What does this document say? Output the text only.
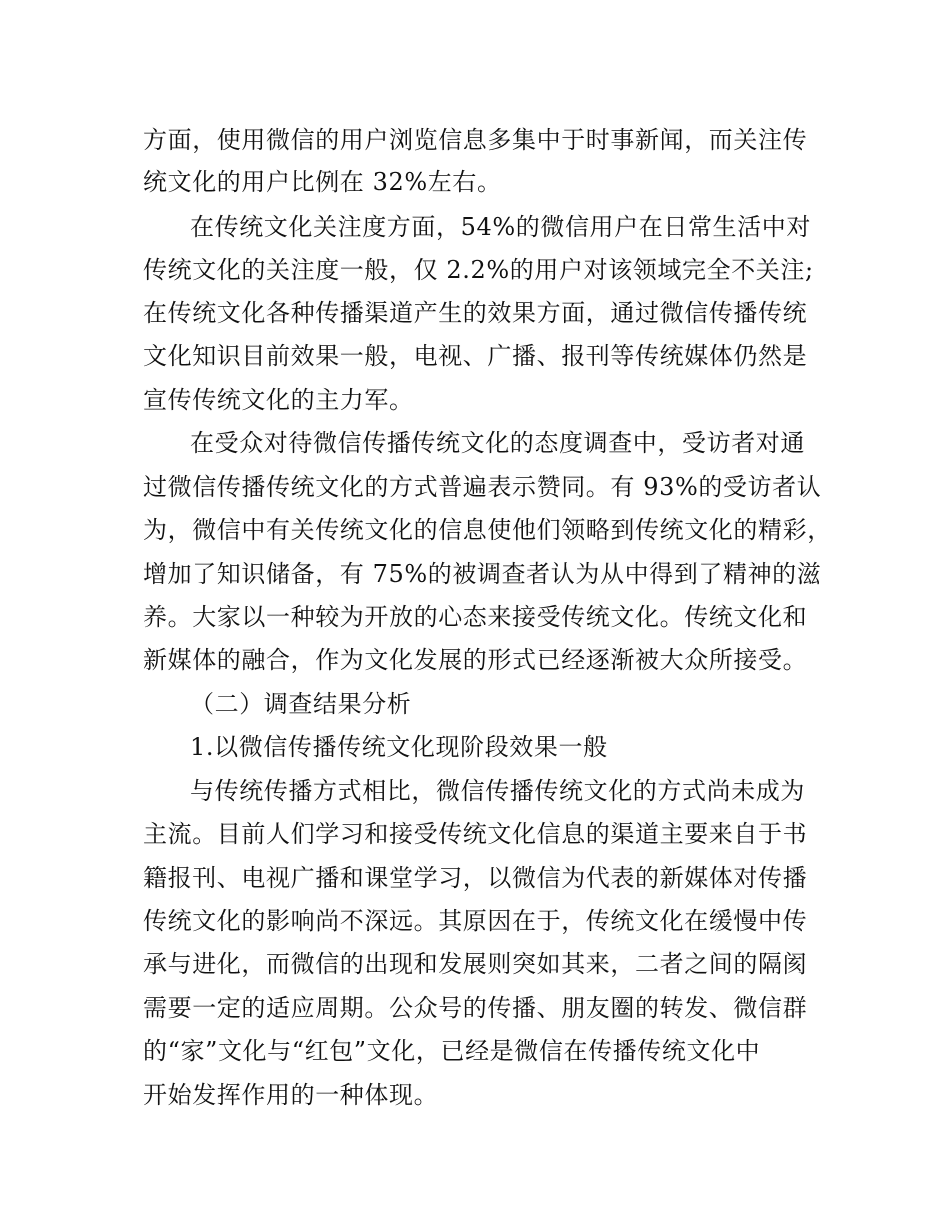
方面，使用微信的用户浏览信息多集中于时事新闻，而关注传
统文化的用户比例在 32%左右。
在传统文化关注度方面，54%的微信用户在日常生活中对
传统文化的关注度一般，仅 2.2%的用户对该领域完全不关注;
在传统文化各种传播渠道产生的效果方面，通过微信传播传统
文化知识目前效果一般，电视、广播、报刊等传统媒体仍然是
宣传传统文化的主力军。
在受众对待微信传播传统文化的态度调查中，受访者对通
过微信传播传统文化的方式普遍表示赞同。有 93%的受访者认
为，微信中有关传统文化的信息使他们领略到传统文化的精彩，
增加了知识储备，有 75%的被调查者认为从中得到了精神的滋
养。大家以一种较为开放的心态来接受传统文化。传统文化和
新媒体的融合，作为文化发展的形式已经逐渐被大众所接受。
（二）调查结果分析
1.以微信传播传统文化现阶段效果一般
与传统传播方式相比，微信传播传统文化的方式尚未成为
主流。目前人们学习和接受传统文化信息的渠道主要来自于书
籍报刊、电视广播和课堂学习，以微信为代表的新媒体对传播
传统文化的影响尚不深远。其原因在于，传统文化在缓慢中传
承与进化，而微信的出现和发展则突如其来，二者之间的隔阂
需要一定的适应周期。公众号的传播、朋友圈的转发、微信群
的“家”文化与“红包”文化，已经是微信在传播传统文化中
开始发挥作用的一种体现。
